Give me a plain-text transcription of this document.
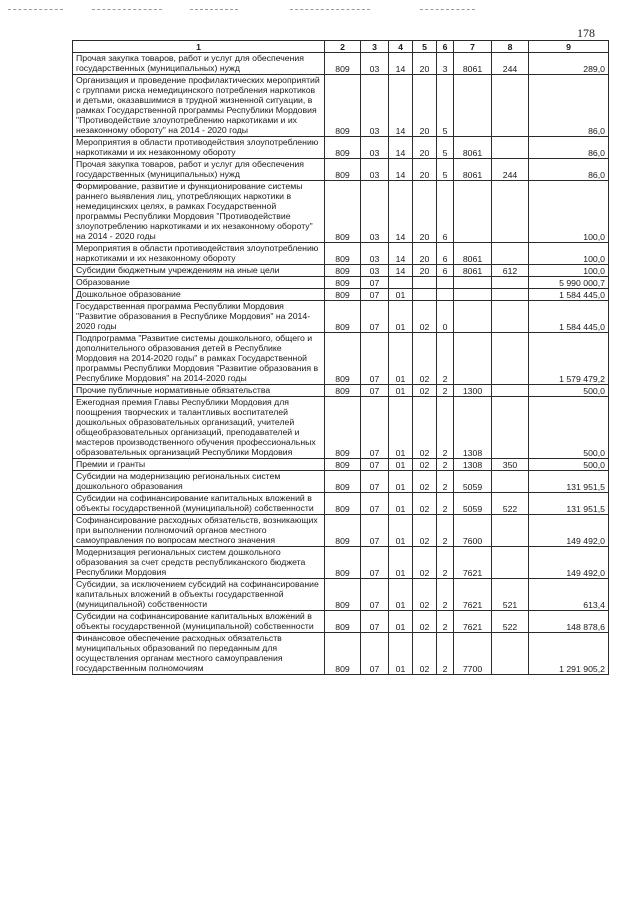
178
1	2	3	4	5	6	7	8	9
Прочая закупка товаров, работ и услуг для обеспечения государственных (муниципальных) нужд	809	03	14	20	3	8061	244	289,0
Организация и проведение профилактических мероприятий с группами риска немедицинского потребления наркотиков и детьми, оказавшимися в трудной жизненной ситуации, в рамках Государственной программы Республики Мордовия "Противодействие злоупотреблению наркотиками и их незаконному обороту" на 2014 - 2020 годы	809	03	14	20	5			86,0
Мероприятия в области противодействия злоупотреблению наркотиками и их незаконному обороту	809	03	14	20	5	8061		86,0
Прочая закупка товаров, работ и услуг для обеспечения государственных (муниципальных) нужд	809	03	14	20	5	8061	244	86,0
Формирование, развитие и функционирование системы раннего выявления лиц, употребляющих наркотики в немедицинских целях, в рамках Государственной программы Республики Мордовия "Противодействие злоупотреблению наркотиками и их незаконному обороту" на 2014 - 2020 годы	809	03	14	20	6			100,0
Мероприятия в области противодействия злоупотреблению наркотиками и их незаконному обороту	809	03	14	20	6	8061		100,0
Субсидии бюджетным учреждениям на иные цели	809	03	14	20	6	8061	612	100,0
Образование	809	07						5 990 000,7
Дошкольное образование	809	07	01					1 584 445,0
Государственная программа Республики Мордовия "Развитие образования в Республике Мордовия" на 2014-2020 годы	809	07	01	02	0			1 584 445,0
Подпрограмма "Развитие системы дошкольного, общего и дополнительного образования детей в Республике Мордовия на 2014-2020 годы" в рамках Государственной программы Республики Мордовия "Развитие образования в Республике Мордовия" на 2014-2020 годы	809	07	01	02	2			1 579 479,2
Прочие публичные нормативные обязательства	809	07	01	02	2	1300		500,0
Ежегодная премия Главы Республики Мордовия для поощрения творческих и талантливых воспитателей дошкольных образовательных организаций, учителей общеобразовательных организаций, преподавателей и мастеров производственного обучения профессиональных образовательных организаций Республики Мордовия	809	07	01	02	2	1308		500,0
Премии и гранты	809	07	01	02	2	1308	350	500,0
Субсидии на модернизацию региональных систем дошкольного образования	809	07	01	02	2	5059		131 951,5
Субсидии на софинансирование капитальных вложений в объекты государственной (муниципальной) собственности	809	07	01	02	2	5059	522	131 951,5
Софинансирование расходных обязательств, возникающих при выполнении полномочий органов местного самоуправления по вопросам местного значения	809	07	01	02	2	7600		149 492,0
Модернизация региональных систем дошкольного образования за счет средств республиканского бюджета Республики Мордовия	809	07	01	02	2	7621		149 492,0
Субсидии, за исключением субсидий на софинансирование капитальных вложений в объекты государственной (муниципальной) собственности	809	07	01	02	2	7621	521	613,4
Субсидии на софинансирование капитальных вложений в объекты государственной (муниципальной) собственности	809	07	01	02	2	7621	522	148 878,6
Финансовое обеспечение расходных обязательств муниципальных образований по переданным для осуществления органам местного самоуправления государственным полномочиям	809	07	01	02	2	7700		1 291 905,2
